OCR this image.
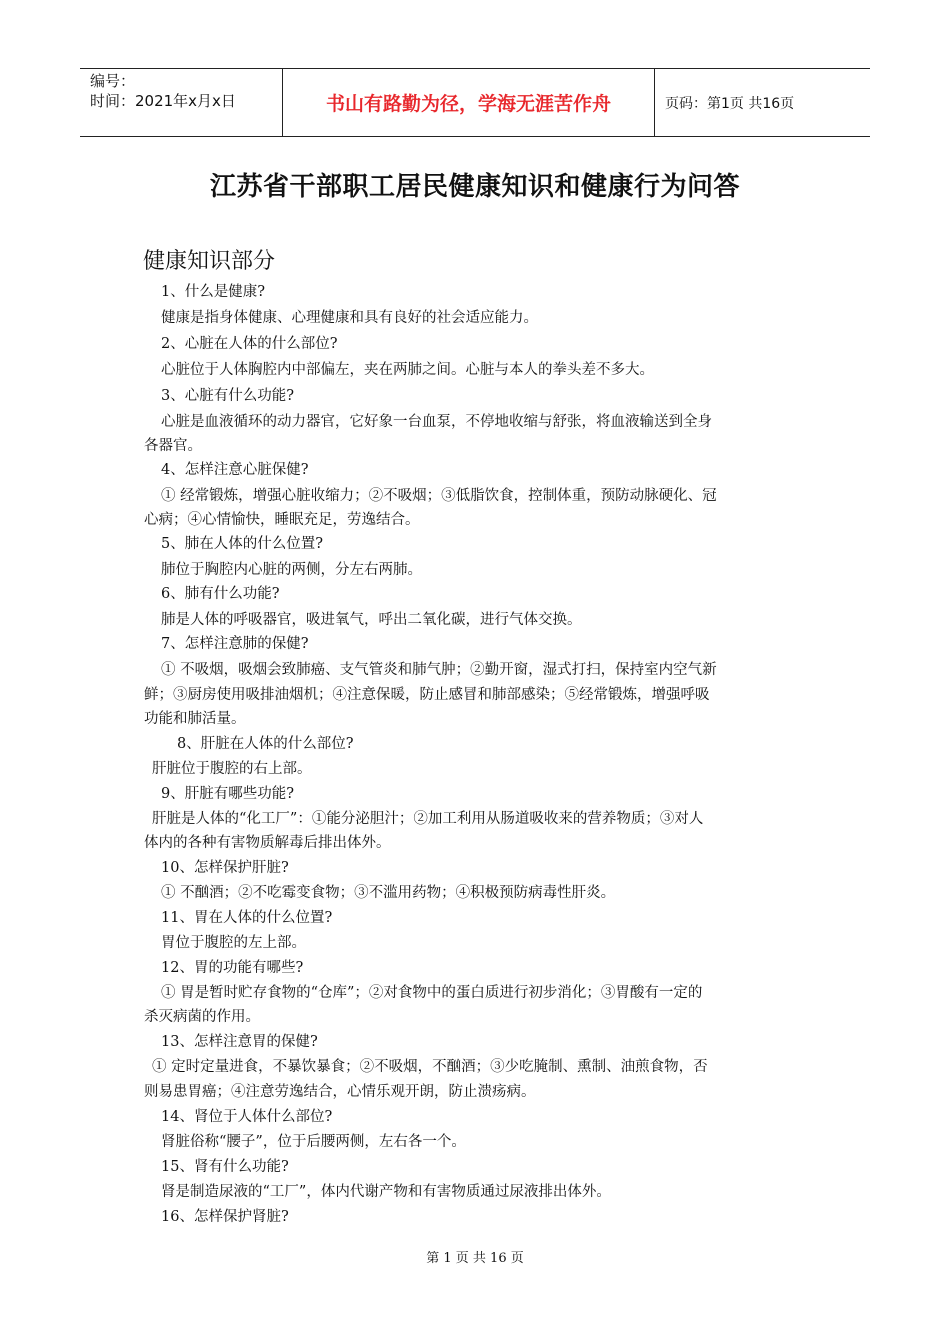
编号：
时间：2021年x月x日	书山有路勤为径，学海无涯苦作舟	页码：第1页 共16页
江苏省干部职工居民健康知识和健康行为问答
健康知识部分
1、什么是健康?
健康是指身体健康、心理健康和具有良好的社会适应能力。
2、心脏在人体的什么部位?
心脏位于人体胸腔内中部偏左，夹在两肺之间。心脏与本人的拳头差不多大。
3、心脏有什么功能?
心脏是血液循环的动力器官，它好象一台血泵，不停地收缩与舒张，将血液输送到全身
各器官。
4、怎样注意心脏保健?
① 经常锻炼，增强心脏收缩力；②不吸烟；③低脂饮食，控制体重，预防动脉硬化、冠
心病；④心情愉快，睡眠充足，劳逸结合。
5、肺在人体的什么位置?
肺位于胸腔内心脏的两侧，分左右两肺。
6、肺有什么功能?
肺是人体的呼吸器官，吸进氧气，呼出二氧化碳，进行气体交换。
7、怎样注意肺的保健?
① 不吸烟，吸烟会致肺癌、支气管炎和肺气肿；②勤开窗，湿式打扫，保持室内空气新
鲜；③厨房使用吸排油烟机；④注意保暖，防止感冒和肺部感染；⑤经常锻炼，增强呼吸
功能和肺活量。
8、肝脏在人体的什么部位?
肝脏位于腹腔的右上部。
9、肝脏有哪些功能?
肝脏是人体的“化工厂”：①能分泌胆汁；②加工利用从肠道吸收来的营养物质；③对人
体内的各种有害物质解毒后排出体外。
10、怎样保护肝脏?
① 不酗酒；②不吃霉变食物；③不滥用药物；④积极预防病毒性肝炎。
11、胃在人体的什么位置?
胃位于腹腔的左上部。
12、胃的功能有哪些?
① 胃是暂时贮存食物的“仓库”；②对食物中的蛋白质进行初步消化；③胃酸有一定的
杀灭病菌的作用。
13、怎样注意胃的保健?
① 定时定量进食，不暴饮暴食；②不吸烟，不酗酒；③少吃腌制、熏制、油煎食物，否
则易患胃癌；④注意劳逸结合，心情乐观开朗，防止溃疡病。
14、肾位于人体什么部位?
肾脏俗称“腰子”，位于后腰两侧，左右各一个。
15、肾有什么功能?
肾是制造尿液的“工厂”，体内代谢产物和有害物质通过尿液排出体外。
16、怎样保护肾脏?
第 1 页 共 16 页
